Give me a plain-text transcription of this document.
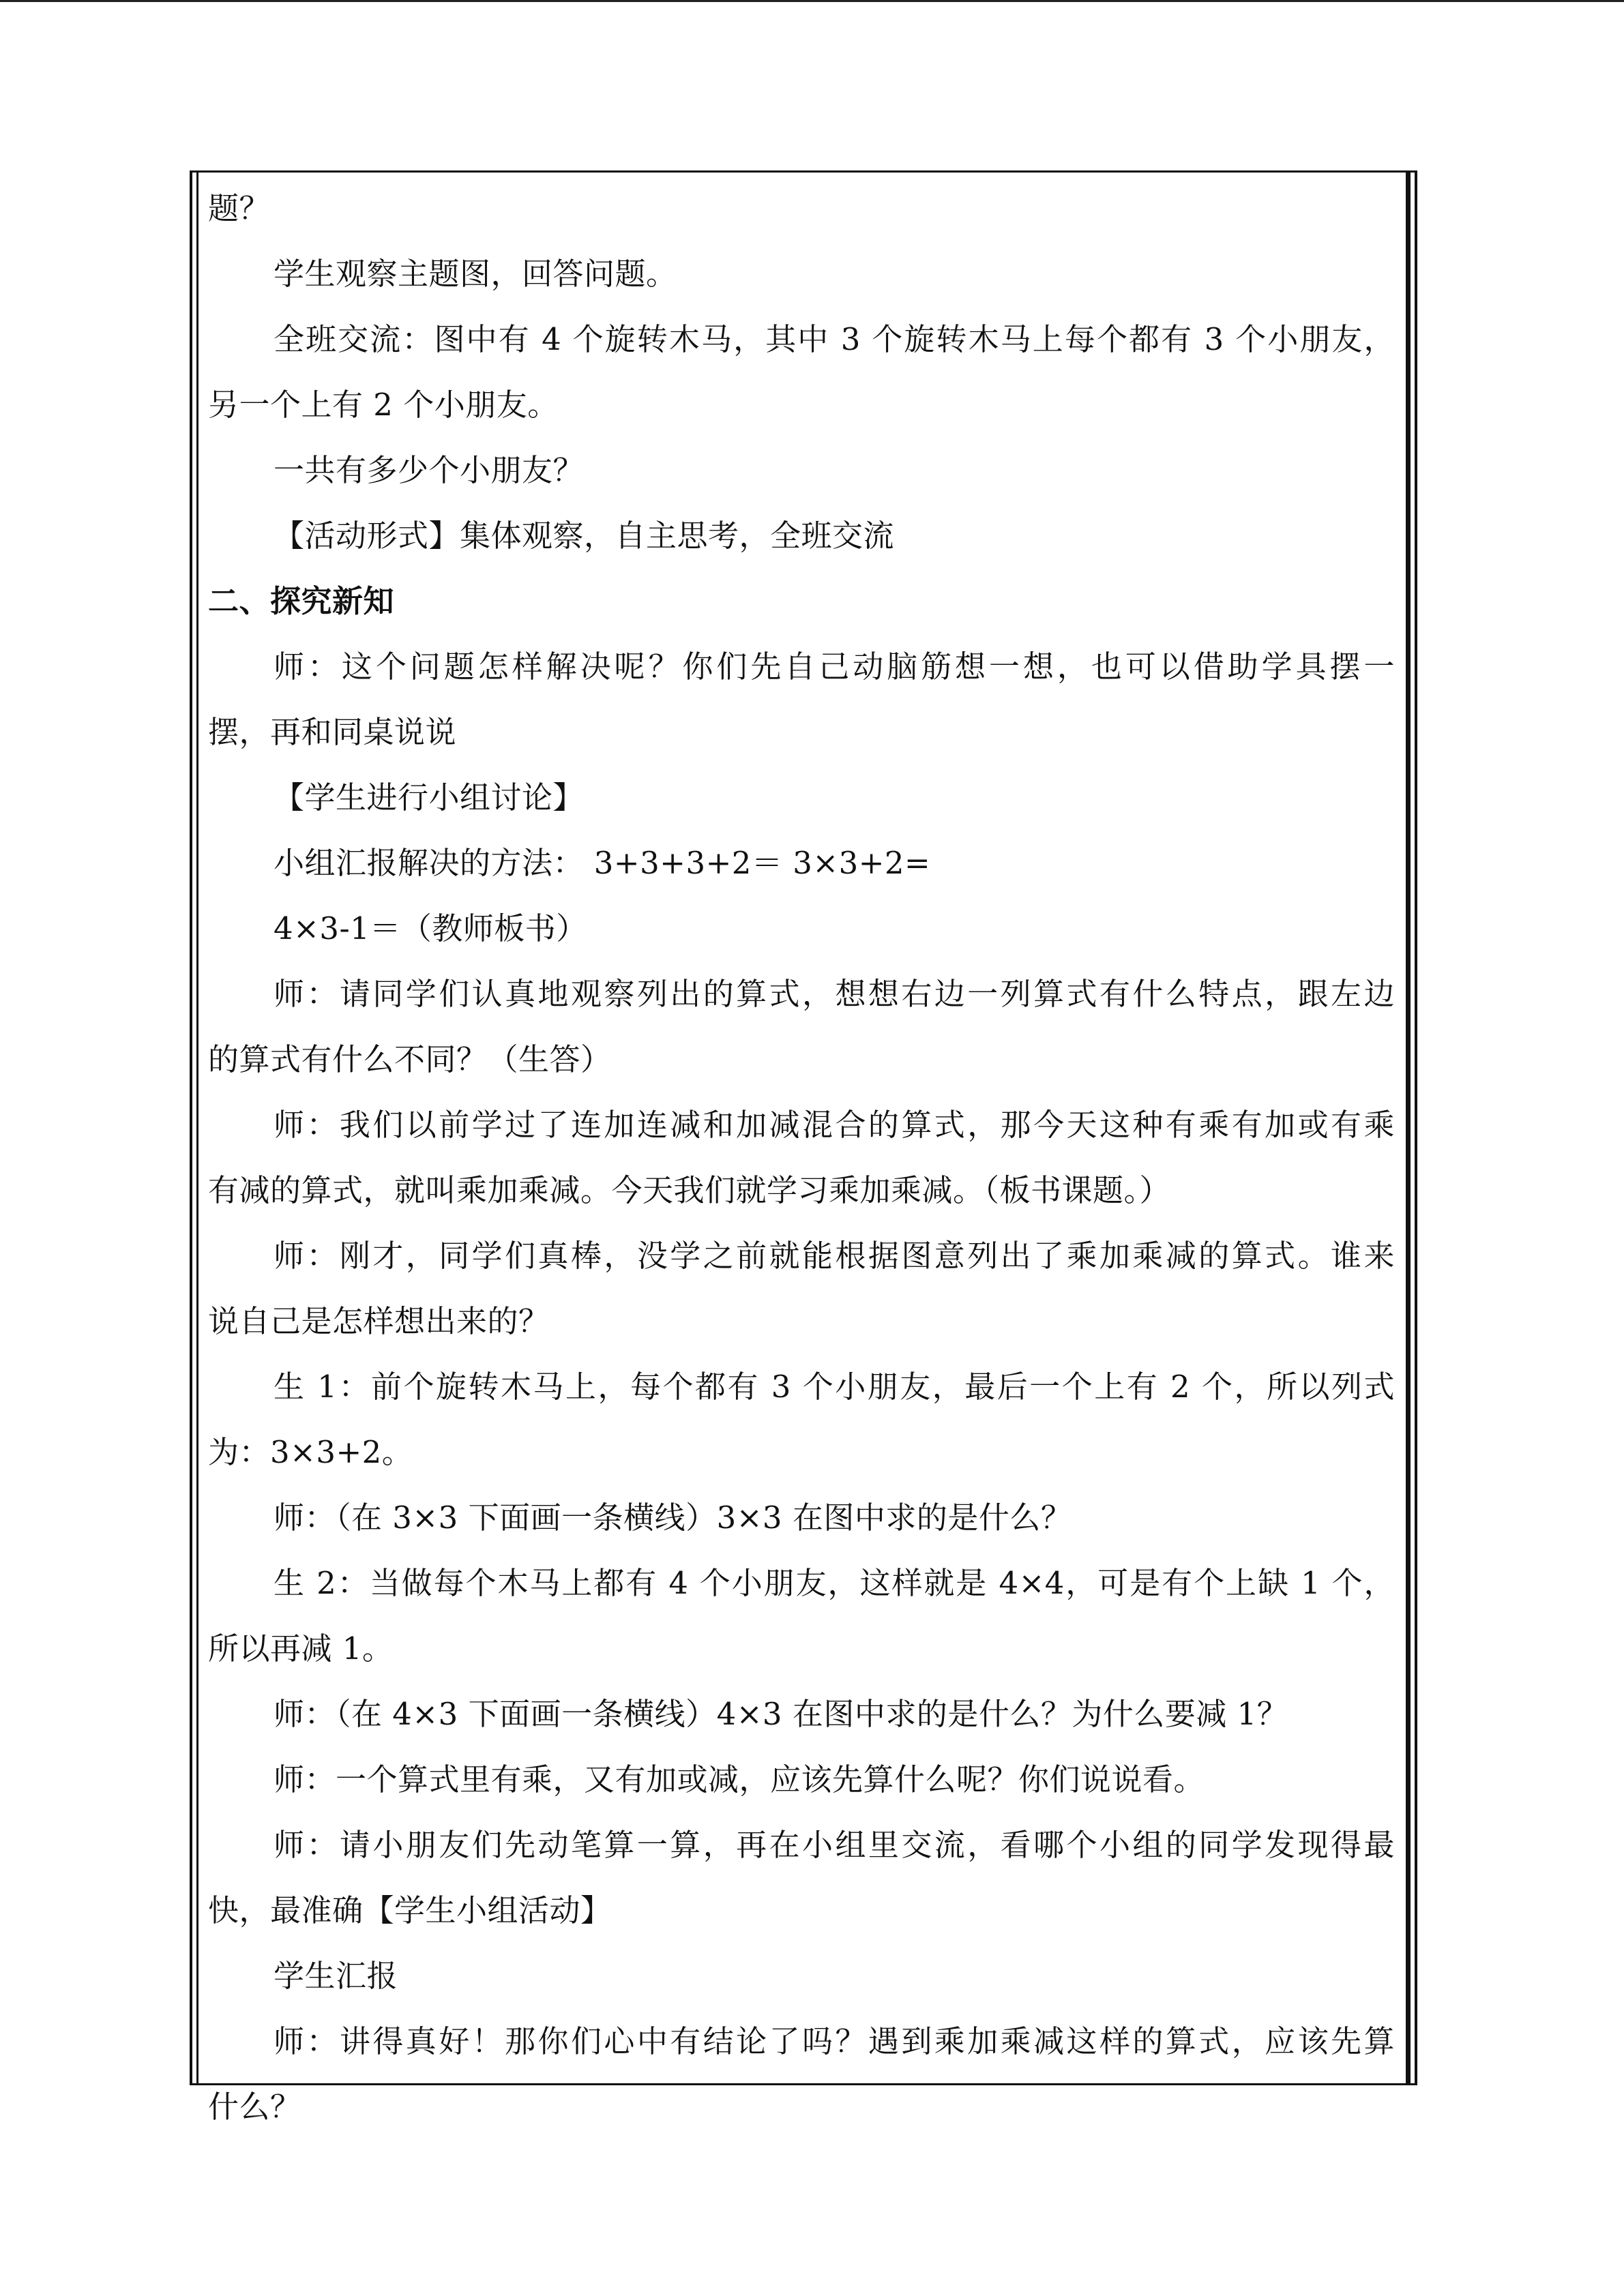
题？
学生观察主题图，回答问题。
全班交流：图中有 4 个旋转木马，其中 3 个旋转木马上每个都有 3 个小朋友，
另一个上有 2 个小朋友。
一共有多少个小朋友？
【活动形式】集体观察，自主思考，全班交流
二、探究新知
师：这个问题怎样解决呢？你们先自己动脑筋想一想，也可以借助学具摆一
摆，再和同桌说说
【学生进行小组讨论】
小组汇报解决的方法： 3+3+3+2＝ 3×3+2=
4×3-1＝（教师板书）
师：请同学们认真地观察列出的算式，想想右边一列算式有什么特点，跟左边
的算式有什么不同？（生答）
师：我们以前学过了连加连减和加减混合的算式，那今天这种有乘有加或有乘
有减的算式，就叫乘加乘减。今天我们就学习乘加乘减。（板书课题。）
师：刚才，同学们真棒，没学之前就能根据图意列出了乘加乘减的算式。谁来
说自己是怎样想出来的？
生 1：前个旋转木马上，每个都有 3 个小朋友，最后一个上有 2 个，所以列式
为：3×3+2。
师：（在 3×3 下面画一条横线）3×3 在图中求的是什么？
生 2：当做每个木马上都有 4 个小朋友，这样就是 4×4，可是有个上缺 1 个，
所以再减 1。
师：（在 4×3 下面画一条横线）4×3 在图中求的是什么？为什么要减 1？
师：一个算式里有乘，又有加或减，应该先算什么呢？你们说说看。
师：请小朋友们先动笔算一算，再在小组里交流，看哪个小组的同学发现得最
快，最准确【学生小组活动】
学生汇报
师：讲得真好！那你们心中有结论了吗？遇到乘加乘减这样的算式，应该先算
什么？
